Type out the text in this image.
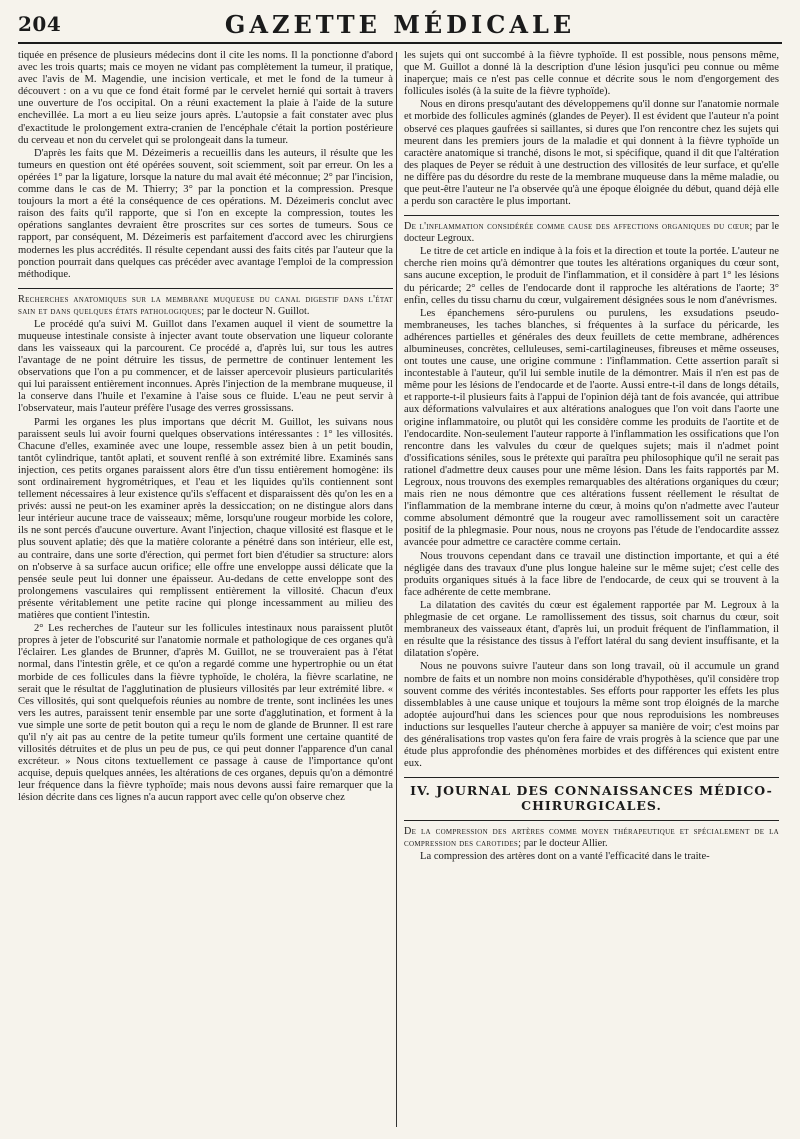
204	GAZETTE MÉDICALE

tiquée en présence de plusieurs médecins dont il cite les noms. Il la ponctionne d'abord avec les trois quarts; mais ce moyen ne vidant pas complètement la tumeur, il pratique, avec l'avis de M. Magendie, une incision verticale, et met le fond de la tumeur à découvert : on a vu que ce fond était formé par le cervelet hernié qui sortait à travers une ouverture de l'os occipital. On a réuni exactement la plaie à l'aide de la suture enchevillée. La mort a eu lieu seize jours après. L'autopsie a fait constater avec plus d'exactitude le prolongement extra-cranien de l'encéphale c'était la portion postérieure du cerveau et non du cervelet qui se prolongeait dans la tumeur.

D'après les faits que M. Dézeimeris a recueillis dans les auteurs, il résulte que les tumeurs en question ont été opérées souvent, soit sciemment, soit par erreur. On les a opérées 1° par la ligature, lorsque la nature du mal avait été méconnue; 2° par l'incision, comme dans le cas de M. Thierry; 3° par la ponction et la compression. Presque toujours la mort a été la conséquence de ces opérations. M. Dézeimeris conclut avec raison des faits qu'il rapporte, que si l'on en excepte la compression, toutes les opérations sanglantes devraient être proscrites sur ces sortes de tumeurs. Sous ce rapport, par conséquent, M. Dézeimeris est parfaitement d'accord avec les chirurgiens modernes les plus accrédités. Il résulte cependant aussi des faits cités par l'auteur que la ponction pourrait dans quelques cas précéder avec avantage l'emploi de la compression méthodique.

Recherches anatomiques sur la membrane muqueuse du canal digestif dans l'état sain et dans quelques états pathologiques; par le docteur N. Guillot.

Le procédé qu'a suivi M. Guillot dans l'examen auquel il vient de soumettre la muqueuse intestinale consiste à injecter avant toute observation une liqueur colorante dans les vaisseaux qui la parcourent. Ce procédé a, d'après lui, sur tous les autres l'avantage de ne point détruire les tissus, de permettre de continuer lentement les observations que l'on a pu commencer, et de laisser apercevoir plusieurs particularités qui lui paraissent entièrement inconnues. Après l'injection de la membrane muqueuse, il la conserve dans l'huile et l'examine à l'aise sous ce fluide. L'eau ne peut servir à l'observateur, mais l'auteur préfère l'usage des verres grossissans.

Parmi les organes les plus importans que décrit M. Guillot, les suivans nous paraissent seuls lui avoir fourni quelques observations intéressantes : 1° les villosités. Chacune d'elles, examinée avec une loupe, ressemble assez bien à un petit boudin, tantôt cylindrique, tantôt aplati, et souvent renflé à son extrémité libre. Examinés sans injection, ces petits organes paraissent alors être d'un tissu entièrement homogène: ils sont ordinairement hygrométriques, et l'eau et les liquides qu'ils contiennent sont tellement nécessaires à leur existence qu'ils s'effacent et disparaissent dès qu'on les en a privés: aussi ne peut-on les examiner après la dessiccation; on ne distingue alors dans leur intérieur aucune trace de vaisseaux; même, lorsqu'une rougeur morbide les colore, ils ne sont percés d'aucune ouverture. Avant l'injection, chaque villosité est flasque et le plus souvent aplatie; dès que la matière colorante a pénétré dans son intérieur, elle est, au contraire, dans une sorte d'érection, qui permet fort bien d'étudier sa structure: alors on n'observe à sa surface aucun orifice; elle offre une enveloppe aussi délicate que la pensée seule peut lui donner une épaisseur. Au-dedans de cette enveloppe sont des prolongemens vasculaires qui remplissent entièrement la villosité. Chacun d'eux présente véritablement une petite racine qui plonge incessamment au milieu des matières que contient l'intestin.

2° Les recherches de l'auteur sur les follicules intestinaux nous paraissent plutôt propres à jeter de l'obscurité sur l'anatomie normale et pathologique de ces organes qu'à l'éclairer. Les glandes de Brunner, d'après M. Guillot, ne se trouveraient pas à l'état normal, dans l'intestin grêle, et ce qu'on a regardé comme une hypertrophie ou un état morbide de ces follicules dans la fièvre typhoïde, le choléra, la fièvre scarlatine, ne serait que le résultat de l'agglutination de plusieurs villosités par leur extrémité libre. « Ces villosités, qui sont quelquefois réunies au nombre de trente, sont inclinées les unes vers les autres, paraissent tenir ensemble par une sorte d'agglutination, et forment à la vue simple une sorte de petit bouton qui a reçu le nom de glande de Brunner. Il est rare qu'il n'y ait pas au centre de la petite tumeur qu'ils forment une certaine quantité de villosités détruites et de plus un peu de pus, ce qui peut donner l'apparence d'un canal excréteur. » Nous citons textuellement ce passage à cause de l'importance qu'ont acquise, depuis quelques années, les altérations de ces organes, depuis qu'on a démontré leur fréquence dans la fièvre typhoïde; mais nous devons aussi faire remarquer que la lésion décrite dans ces lignes n'a aucun rapport avec celle qu'on observe chez

les sujets qui ont succombé à la fièvre typhoïde. Il est possible, nous pensons même, que M. Guillot a donné là la description d'une lésion jusqu'ici peu connue ou même inaperçue; mais ce n'est pas celle connue et décrite sous le nom d'engorgement des follicules isolés (à la suite de la fièvre typhoïde).

Nous en dirons presqu'autant des développemens qu'il donne sur l'anatomie normale et morbide des follicules agminés (glandes de Peyer). Il est évident que l'auteur n'a point observé ces plaques gaufrées si saillantes, si dures que l'on rencontre chez les sujets qui meurent dans les premiers jours de la maladie et qui donnent à la fièvre typhoïde un caractère anatomique si tranché, disons le mot, si spécifique, quand il dit que l'altération des plaques de Peyer se réduit à une destruction des villosités de leur surface, et qu'elle ne diffère pas du désordre du reste de la membrane muqueuse dans la même maladie, ou que peut-être l'auteur ne l'a observée qu'à une époque éloignée du début, quand déjà elle a perdu son caractère le plus important.

De l'inflammation considérée comme cause des affections organiques du cœur; par le docteur Legroux.

Le titre de cet article en indique à la fois et la direction et toute la portée. L'auteur ne cherche rien moins qu'à démontrer que toutes les altérations organiques du cœur sont, sans aucune exception, le produit de l'inflammation, et il considère à part 1° les lésions du péricarde; 2° celles de l'endocarde dont il rapproche les altérations de l'aorte; 3° enfin, celles du tissu charnu du cœur, vulgairement désignées sous le nom d'anévrismes.

Les épanchemens séro-purulens ou purulens, les exsudations pseudo-membraneuses, les taches blanches, si fréquentes à la surface du péricarde, les adhérences partielles et générales des deux feuillets de cette membrane, adhérences albumineuses, concrètes, celluleuses, semi-cartilagineuses, fibreuses et même osseuses, ont toutes une cause, une origine commune : l'inflammation. Cette assertion paraît si incontestable à l'auteur, qu'il lui semble inutile de la démontrer. Mais il n'en est pas de même pour les lésions de l'endocarde et de l'aorte. Aussi entre-t-il dans de longs détails, et rapporte-t-il plusieurs faits à l'appui de l'opinion déjà tant de fois avancée, qui attribue aux déformations valvulaires et aux altérations analogues que l'on voit dans l'aorte une origine inflammatoire, ou plutôt qui les considère comme les produits de l'aortite et de l'endocardite. Non-seulement l'auteur rapporte à l'inflammation les ossifications que l'on rencontre dans les valvules du cœur de quelques sujets; mais il n'admet point d'ossifications séniles, sous le prétexte qui paraîtra peu philosophique qu'il ne serait pas rationel d'admettre deux causes pour une même lésion. Dans les faits rapportés par M. Legroux, nous trouvons des exemples remarquables des altérations organiques du cœur; mais rien ne nous démontre que ces altérations fussent réellement le résultat de l'inflammation de la membrane interne du cœur, à moins qu'on n'admette avec l'auteur comme absolument démontré que la rougeur avec ramollissement soit un caractère positif de la phlegmasie. Pour nous, nous ne croyons pas l'étude de l'endocardite asssez avancée pour admettre ce caractère comme certain.

Nous trouvons cependant dans ce travail une distinction importante, et qui a été négligée dans des travaux d'une plus longue haleine sur le même sujet; c'est celle des produits organiques situés à la face libre de l'endocarde, de ceux qui se trouvent à la face adhérente de cette membrane.

La dilatation des cavités du cœur est également rapportée par M. Legroux à la phlegmasie de cet organe. Le ramollissement des tissus, soit charnus du cœur, soit membraneux des vaisseaux étant, d'après lui, un produit fréquent de l'inflammation, il en résulte que la résistance des tissus à l'effort latéral du sang devient insuffisante, et la dilatation s'opère.

Nous ne pouvons suivre l'auteur dans son long travail, où il accumule un grand nombre de faits et un nombre non moins considérable d'hypothèses, qu'il considère trop souvent comme des vérités incontestables. Ses efforts pour rapporter les effets les plus dissemblables à une cause unique et toujours la même sont trop éloignés de la marche adoptée aujourd'hui dans les sciences pour que nous reproduisions les nombreuses inductions sur lesquelles l'auteur cherche à appuyer sa manière de voir; c'est moins par des généralisations trop vastes qu'on fera faire de vrais progrès à la science que par une étude plus approfondie des phénomènes morbides et des différences qui existent entre eux.

IV. JOURNAL DES CONNAISSANCES MÉDICO-CHIRURGICALES.

De la compression des artères comme moyen thérapeutique et spécialement de la compression des carotides; par le docteur Allier.

La compression des artères dont on a vanté l'efficacité dans le traite-
